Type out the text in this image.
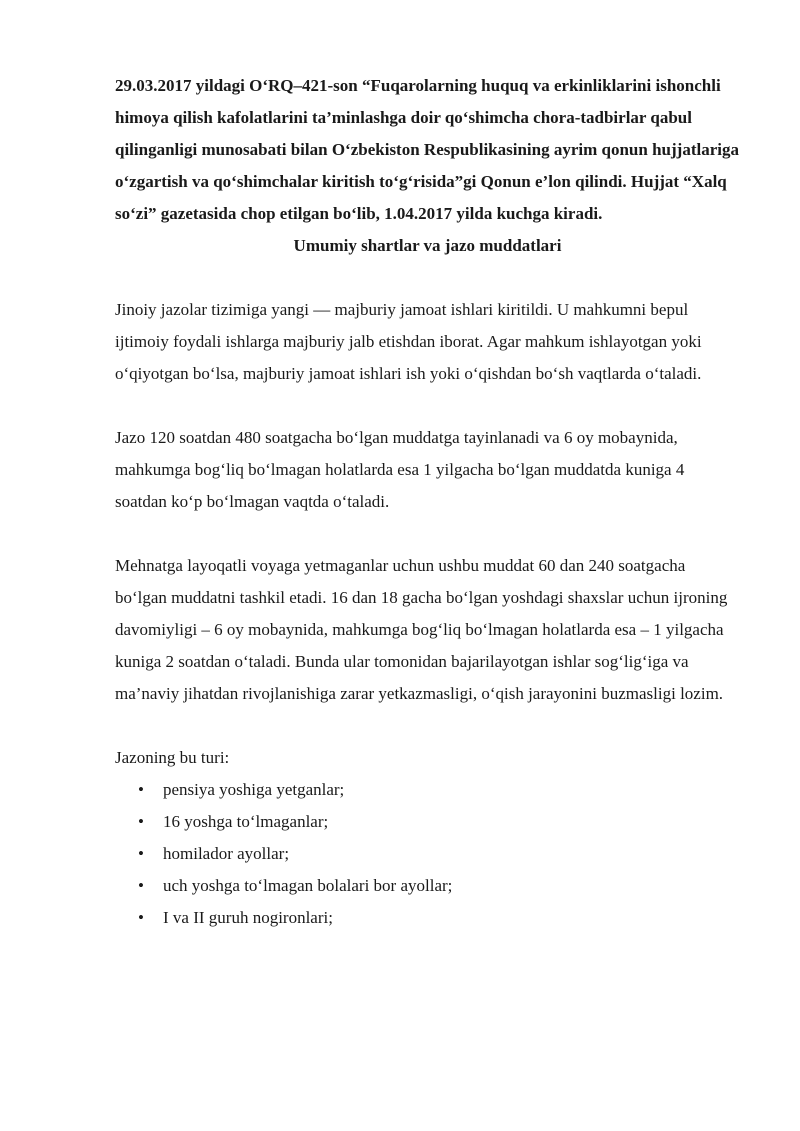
29.03.2017 yildagi O‘RQ–421-son “Fuqarolarning huquq va erkinliklarini ishonchli himoya qilish kafolatlarini ta’minlashga doir qo‘shimcha chora-tadbirlar qabul qilinganligi munosabati bilan O‘zbekiston Respublikasining ayrim qonun hujjatlariga o‘zgartish va qo‘shimchalar kiritish to‘g‘risida”gi Qonun e’lon qilindi. Hujjat “Xalq so‘zi” gazetasida chop etilgan bo‘lib, 1.04.2017 yilda kuchga kiradi.

Umumiy shartlar va jazo muddatlari

Jinoiy jazolar tizimiga yangi — majburiy jamoat ishlari kiritildi. U mahkumni bepul ijtimoiy foydali ishlarga majburiy jalb etishdan iborat. Agar mahkum ishlayotgan yoki o‘qiyotgan bo‘lsa, majburiy jamoat ishlari ish yoki o‘qishdan bo‘sh vaqtlarda o‘taladi.

Jazo 120 soatdan 480 soatgacha bo‘lgan muddatga tayinlanadi va 6 oy mobaynida, mahkumga bog‘liq bo‘lmagan holatlarda esa 1 yilgacha bo‘lgan muddatda kuniga 4 soatdan ko‘p bo‘lmagan vaqtda o‘taladi.

Mehnatga layoqatli voyaga yetmaganlar uchun ushbu muddat 60 dan 240 soatgacha bo‘lgan muddatni tashkil etadi. 16 dan 18 gacha bo‘lgan yoshdagi shaxslar uchun ijroning davomiyligi – 6 oy mobaynida, mahkumga bog‘liq bo‘lmagan holatlarda esa – 1 yilgacha kuniga 2 soatdan o‘taladi. Bunda ular tomonidan bajarilayotgan ishlar sog‘lig‘iga va ma’naviy jihatdan rivojlanishiga zarar yetkazmasligi, o‘qish jarayonini buzmasligi lozim.

Jazoning bu turi:

• pensiya yoshiga yetganlar;
• 16 yoshga to‘lmaganlar;
• homilador ayollar;
• uch yoshga to‘lmagan bolalari bor ayollar;
• I va II guruh nogironlari;
